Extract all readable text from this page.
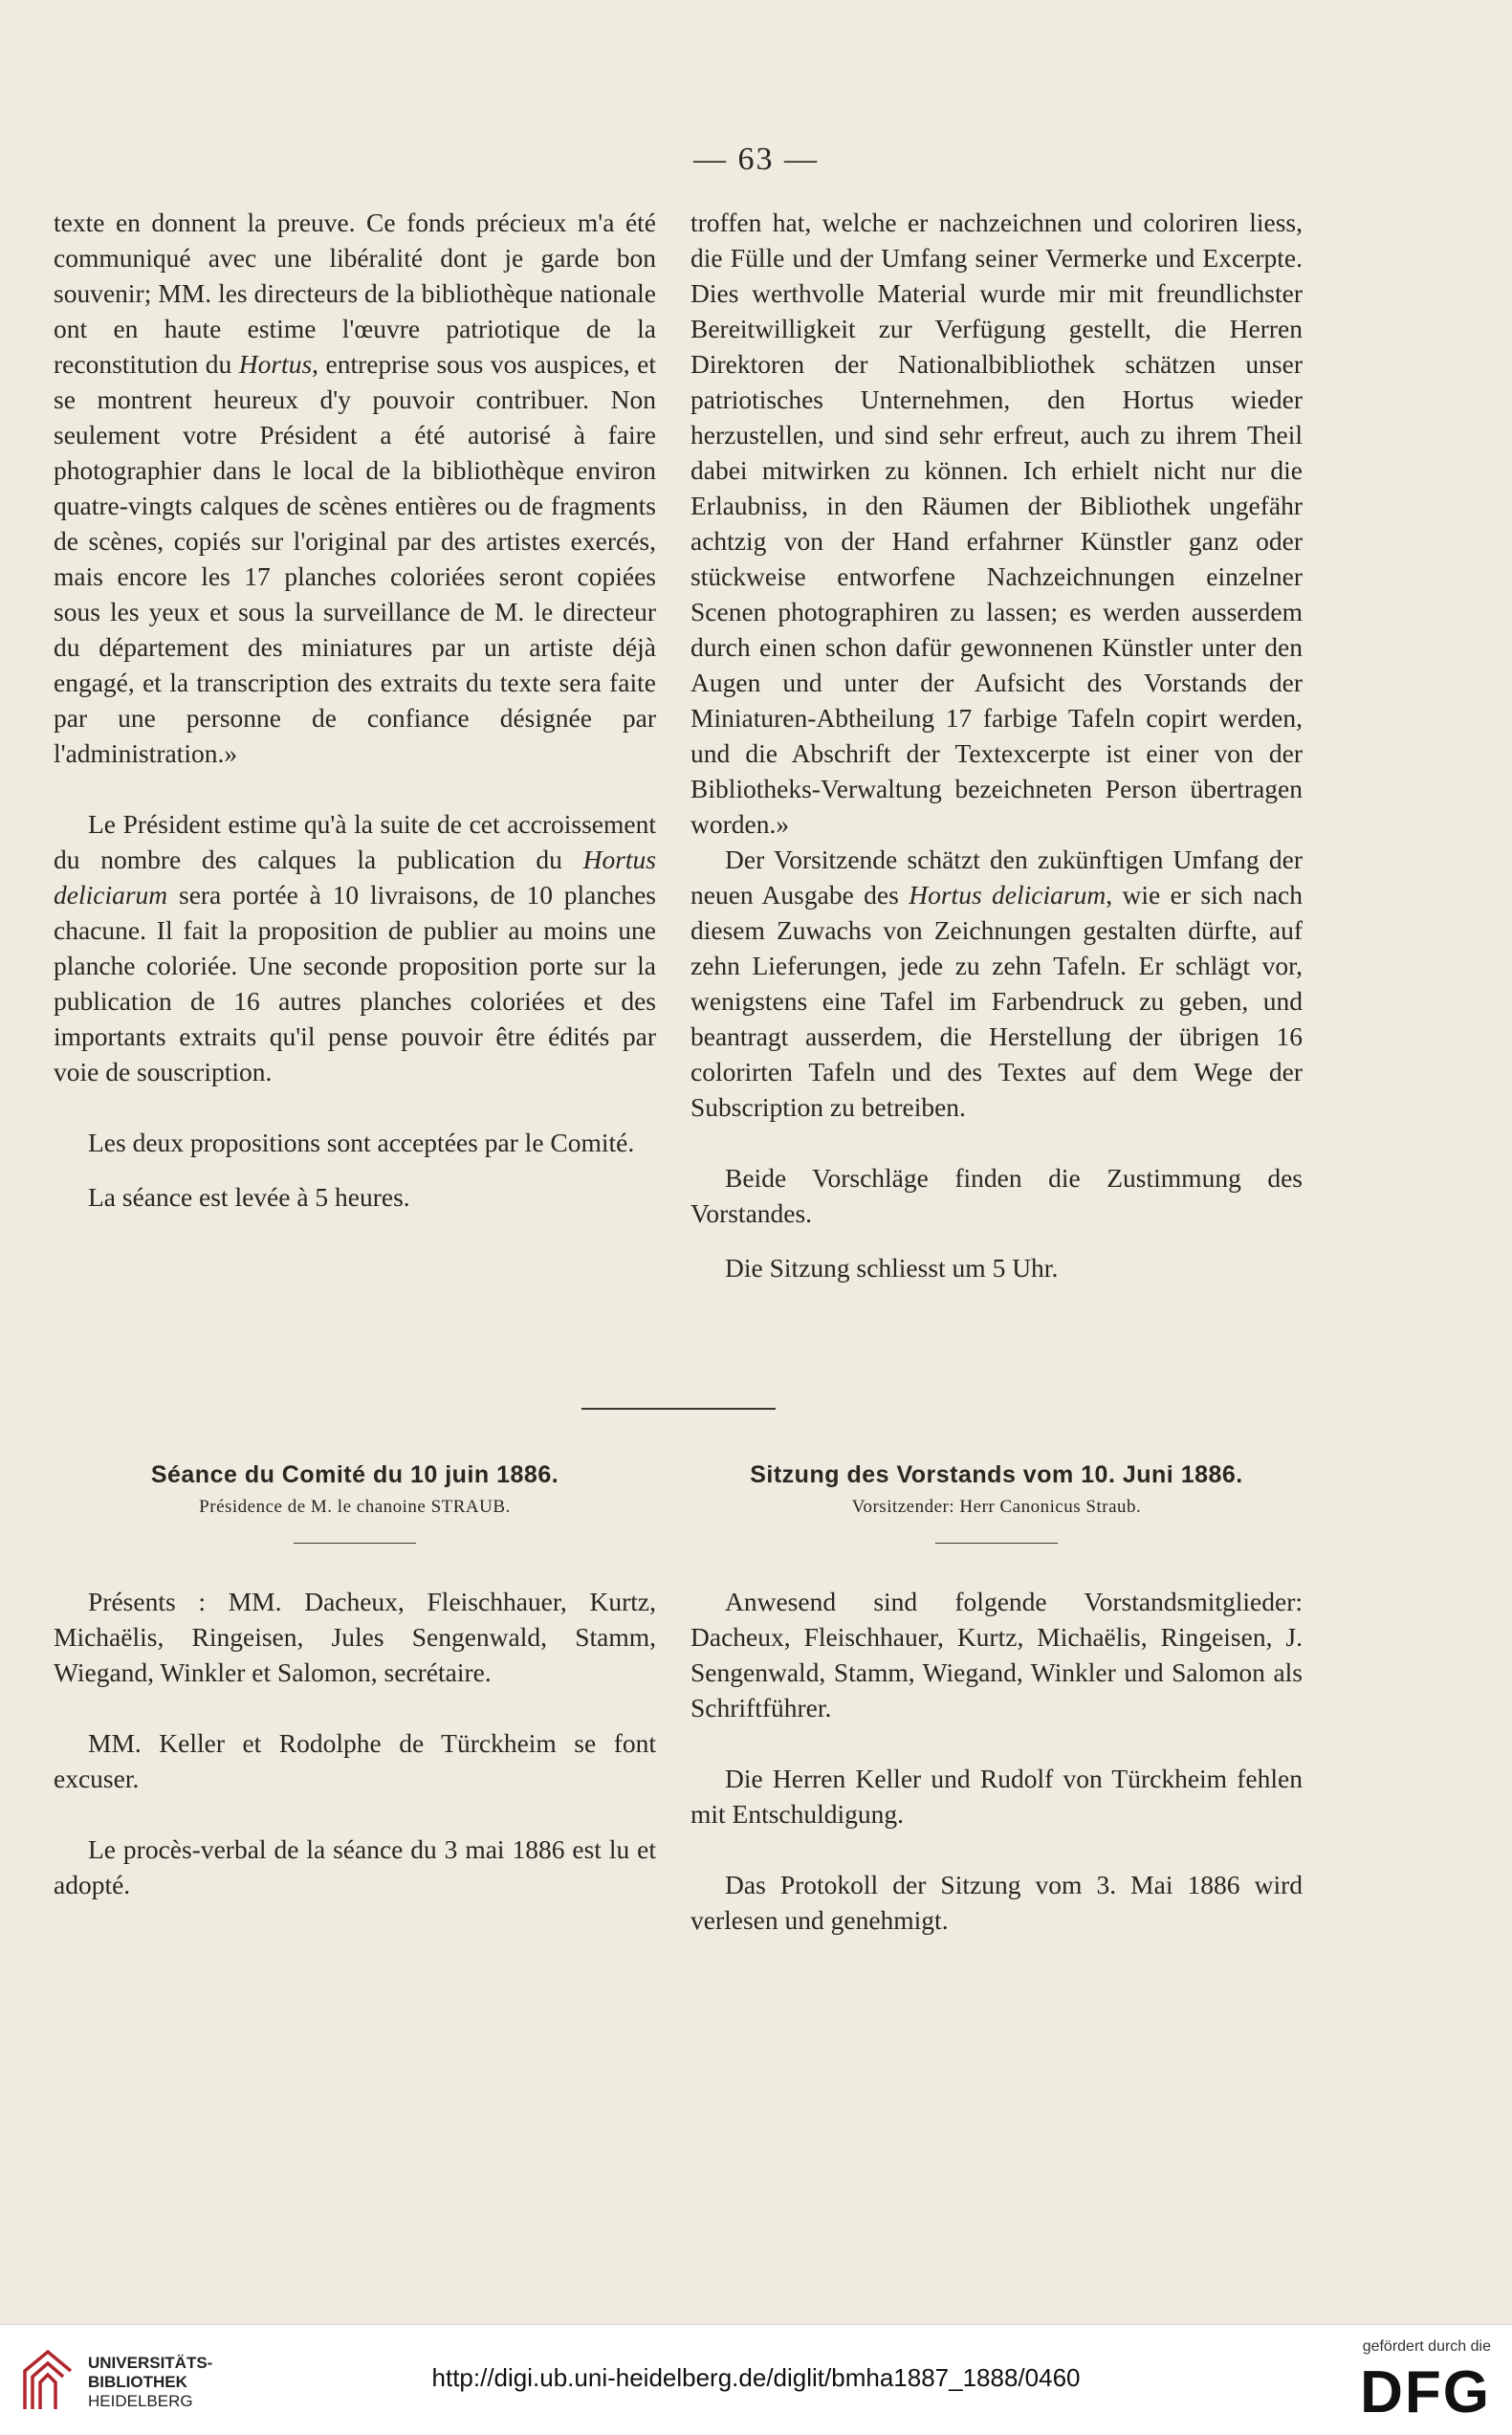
— 63 —

texte en donnent la preuve. Ce fonds précieux m'a été communiqué avec une libéralité dont je garde bon souvenir; MM. les directeurs de la bibliothèque nationale ont en haute estime l'œuvre patriotique de la reconstitution du Hortus, entreprise sous vos auspices, et se montrent heureux d'y pouvoir contribuer. Non seulement votre Président a été autorisé à faire photographier dans le local de la bibliothèque environ quatre-vingts calques de scènes entières ou de fragments de scènes, copiés sur l'original par des artistes exercés, mais encore les 17 planches coloriées seront copiées sous les yeux et sous la surveillance de M. le directeur du département des miniatures par un artiste déjà engagé, et la transcription des extraits du texte sera faite par une personne de confiance désignée par l'administration.»

Le Président estime qu'à la suite de cet accroissement du nombre des calques la publication du Hortus deliciarum sera portée à 10 livraisons, de 10 planches chacune. Il fait la proposition de publier au moins une planche coloriée. Une seconde proposition porte sur la publication de 16 autres planches coloriées et des importants extraits qu'il pense pouvoir être édités par voie de souscription.

Les deux propositions sont acceptées par le Comité.

La séance est levée à 5 heures.

troffen hat, welche er nachzeichnen und coloriren liess, die Fülle und der Umfang seiner Vermerke und Excerpte. Dies werthvolle Material wurde mir mit freundlichster Bereitwilligkeit zur Verfügung gestellt, die Herren Direktoren der Nationalbibliothek schätzen unser patriotisches Unternehmen, den Hortus wieder herzustellen, und sind sehr erfreut, auch zu ihrem Theil dabei mitwirken zu können. Ich erhielt nicht nur die Erlaubniss, in den Räumen der Bibliothek ungefähr achtzig von der Hand erfahrner Künstler ganz oder stückweise entworfene Nachzeichnungen einzelner Scenen photographiren zu lassen; es werden ausserdem durch einen schon dafür gewonnenen Künstler unter den Augen und unter der Aufsicht des Vorstands der Miniaturen-Abtheilung 17 farbige Tafeln copirt werden, und die Abschrift der Textexcerpte ist einer von der Bibliotheks-Verwaltung bezeichneten Person übertragen worden.»

Der Vorsitzende schätzt den zukünftigen Umfang der neuen Ausgabe des Hortus deliciarum, wie er sich nach diesem Zuwachs von Zeichnungen gestalten dürfte, auf zehn Lieferungen, jede zu zehn Tafeln. Er schlägt vor, wenigstens eine Tafel im Farbendruck zu geben, und beantragt ausserdem, die Herstellung der übrigen 16 colorirten Tafeln und des Textes auf dem Wege der Subscription zu betreiben.

Beide Vorschläge finden die Zustimmung des Vorstandes.

Die Sitzung schliesst um 5 Uhr.

Séance du Comité du 10 juin 1886.
Présidence de M. le chanoine STRAUB.
Sitzung des Vorstands vom 10. Juni 1886.
Vorsitzender: Herr Canonicus Straub.

Présents : MM. Dacheux, Fleischhauer, Kurtz, Michaëlis, Ringeisen, Jules Sengenwald, Stamm, Wiegand, Winkler et Salomon, secrétaire.

MM. Keller et Rodolphe de Türckheim se font excuser.

Le procès-verbal de la séance du 3 mai 1886 est lu et adopté.

Anwesend sind folgende Vorstandsmitglieder: Dacheux, Fleischhauer, Kurtz, Michaëlis, Ringeisen, J. Sengenwald, Stamm, Wiegand, Winkler und Salomon als Schriftführer.

Die Herren Keller und Rudolf von Türckheim fehlen mit Entschuldigung.

Das Protokoll der Sitzung vom 3. Mai 1886 wird verlesen und genehmigt.

UNIVERSITÄTS-
BIBLIOTHEK
HEIDELBERG
http://digi.ub.uni-heidelberg.de/diglit/bmha1887_1888/0460
gefördert durch die
DFG
